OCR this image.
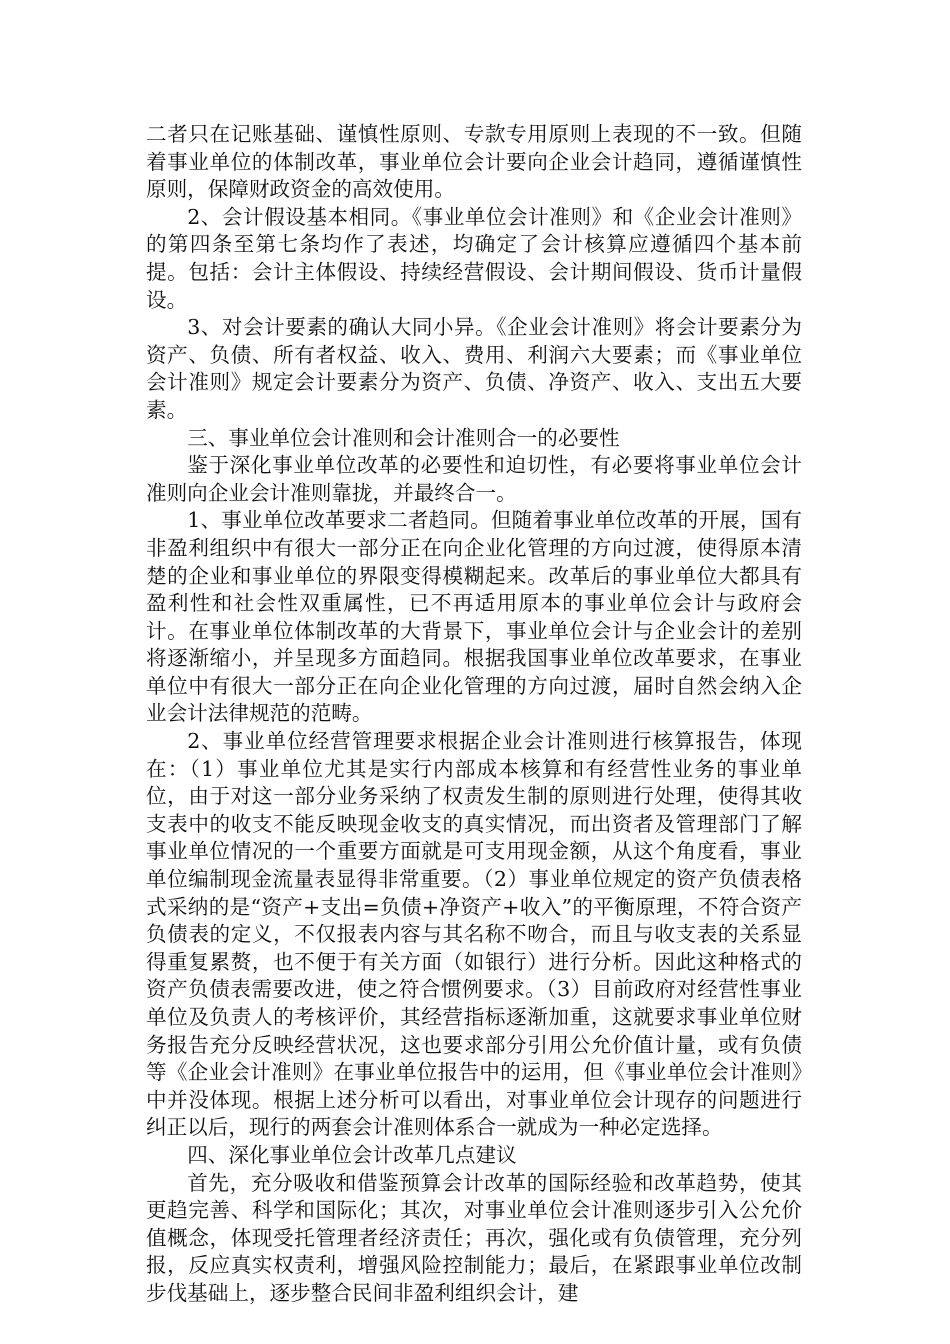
二者只在记账基础、谨慎性原则、专款专用原则上表现的不一致。但随着事业单位的体制改革，事业单位会计要向企业会计趋同，遵循谨慎性原则，保障财政资金的高效使用。

2、会计假设基本相同。《事业单位会计准则》和《企业会计准则》的第四条至第七条均作了表述，均确定了会计核算应遵循四个基本前提。包括：会计主体假设、持续经营假设、会计期间假设、货币计量假设。

3、对会计要素的确认大同小异。《企业会计准则》将会计要素分为资产、负债、所有者权益、收入、费用、利润六大要素；而《事业单位会计准则》规定会计要素分为资产、负债、净资产、收入、支出五大要素。

三、事业单位会计准则和会计准则合一的必要性

鉴于深化事业单位改革的必要性和迫切性，有必要将事业单位会计准则向企业会计准则靠拢，并最终合一。

1、事业单位改革要求二者趋同。但随着事业单位改革的开展，国有非盈利组织中有很大一部分正在向企业化管理的方向过渡，使得原本清楚的企业和事业单位的界限变得模糊起来。改革后的事业单位大都具有盈利性和社会性双重属性，已不再适用原本的事业单位会计与政府会计。在事业单位体制改革的大背景下，事业单位会计与企业会计的差别将逐渐缩小，并呈现多方面趋同。根据我国事业单位改革要求，在事业单位中有很大一部分正在向企业化管理的方向过渡，届时自然会纳入企业会计法律规范的范畴。

2、事业单位经营管理要求根据企业会计准则进行核算报告，体现在：（1）事业单位尤其是实行内部成本核算和有经营性业务的事业单位，由于对这一部分业务采纳了权责发生制的原则进行处理，使得其收支表中的收支不能反映现金收支的真实情况，而出资者及管理部门了解事业单位情况的一个重要方面就是可支用现金额，从这个角度看，事业单位编制现金流量表显得非常重要。（2）事业单位规定的资产负债表格式采纳的是“资产+支出=负债+净资产+收入”的平衡原理，不符合资产负债表的定义，不仅报表内容与其名称不吻合，而且与收支表的关系显得重复累赘，也不便于有关方面（如银行）进行分析。因此这种格式的资产负债表需要改进，使之符合惯例要求。（3）目前政府对经营性事业单位及负责人的考核评价，其经营指标逐渐加重，这就要求事业单位财务报告充分反映经营状况，这也要求部分引用公允价值计量，或有负债等《企业会计准则》在事业单位报告中的运用，但《事业单位会计准则》中并没体现。根据上述分析可以看出，对事业单位会计现存的问题进行纠正以后，现行的两套会计准则体系合一就成为一种必定选择。

四、深化事业单位会计改革几点建议

首先，充分吸收和借鉴预算会计改革的国际经验和改革趋势，使其更趋完善、科学和国际化；其次，对事业单位会计准则逐步引入公允价值概念，体现受托管理者经济责任；再次，强化或有负债管理，充分列报，反应真实权责利，增强风险控制能力；最后，在紧跟事业单位改制步伐基础上，逐步整合民间非盈利组织会计，建
